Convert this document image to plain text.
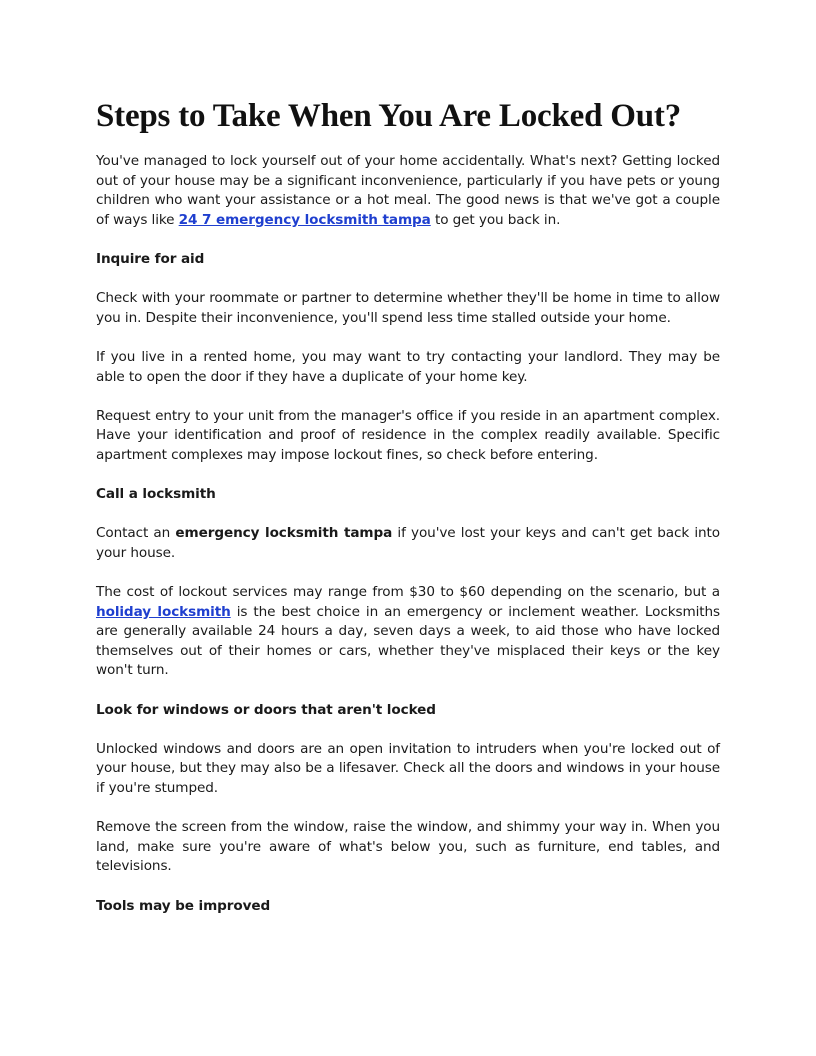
Steps to Take When You Are Locked Out?

You've managed to lock yourself out of your home accidentally. What's next? Getting locked out of your house may be a significant inconvenience, particularly if you have pets or young children who want your assistance or a hot meal. The good news is that we've got a couple of ways like 24 7 emergency locksmith tampa to get you back in.

Inquire for aid

Check with your roommate or partner to determine whether they'll be home in time to allow you in. Despite their inconvenience, you'll spend less time stalled outside your home.

If you live in a rented home, you may want to try contacting your landlord. They may be able to open the door if they have a duplicate of your home key.

Request entry to your unit from the manager's office if you reside in an apartment complex. Have your identification and proof of residence in the complex readily available. Specific apartment complexes may impose lockout fines, so check before entering.

Call a locksmith

Contact an emergency locksmith tampa if you've lost your keys and can't get back into your house.

The cost of lockout services may range from $30 to $60 depending on the scenario, but a holiday locksmith is the best choice in an emergency or inclement weather. Locksmiths are generally available 24 hours a day, seven days a week, to aid those who have locked themselves out of their homes or cars, whether they've misplaced their keys or the key won't turn.

Look for windows or doors that aren't locked

Unlocked windows and doors are an open invitation to intruders when you're locked out of your house, but they may also be a lifesaver. Check all the doors and windows in your house if you're stumped.

Remove the screen from the window, raise the window, and shimmy your way in. When you land, make sure you're aware of what's below you, such as furniture, end tables, and televisions.

Tools may be improved
